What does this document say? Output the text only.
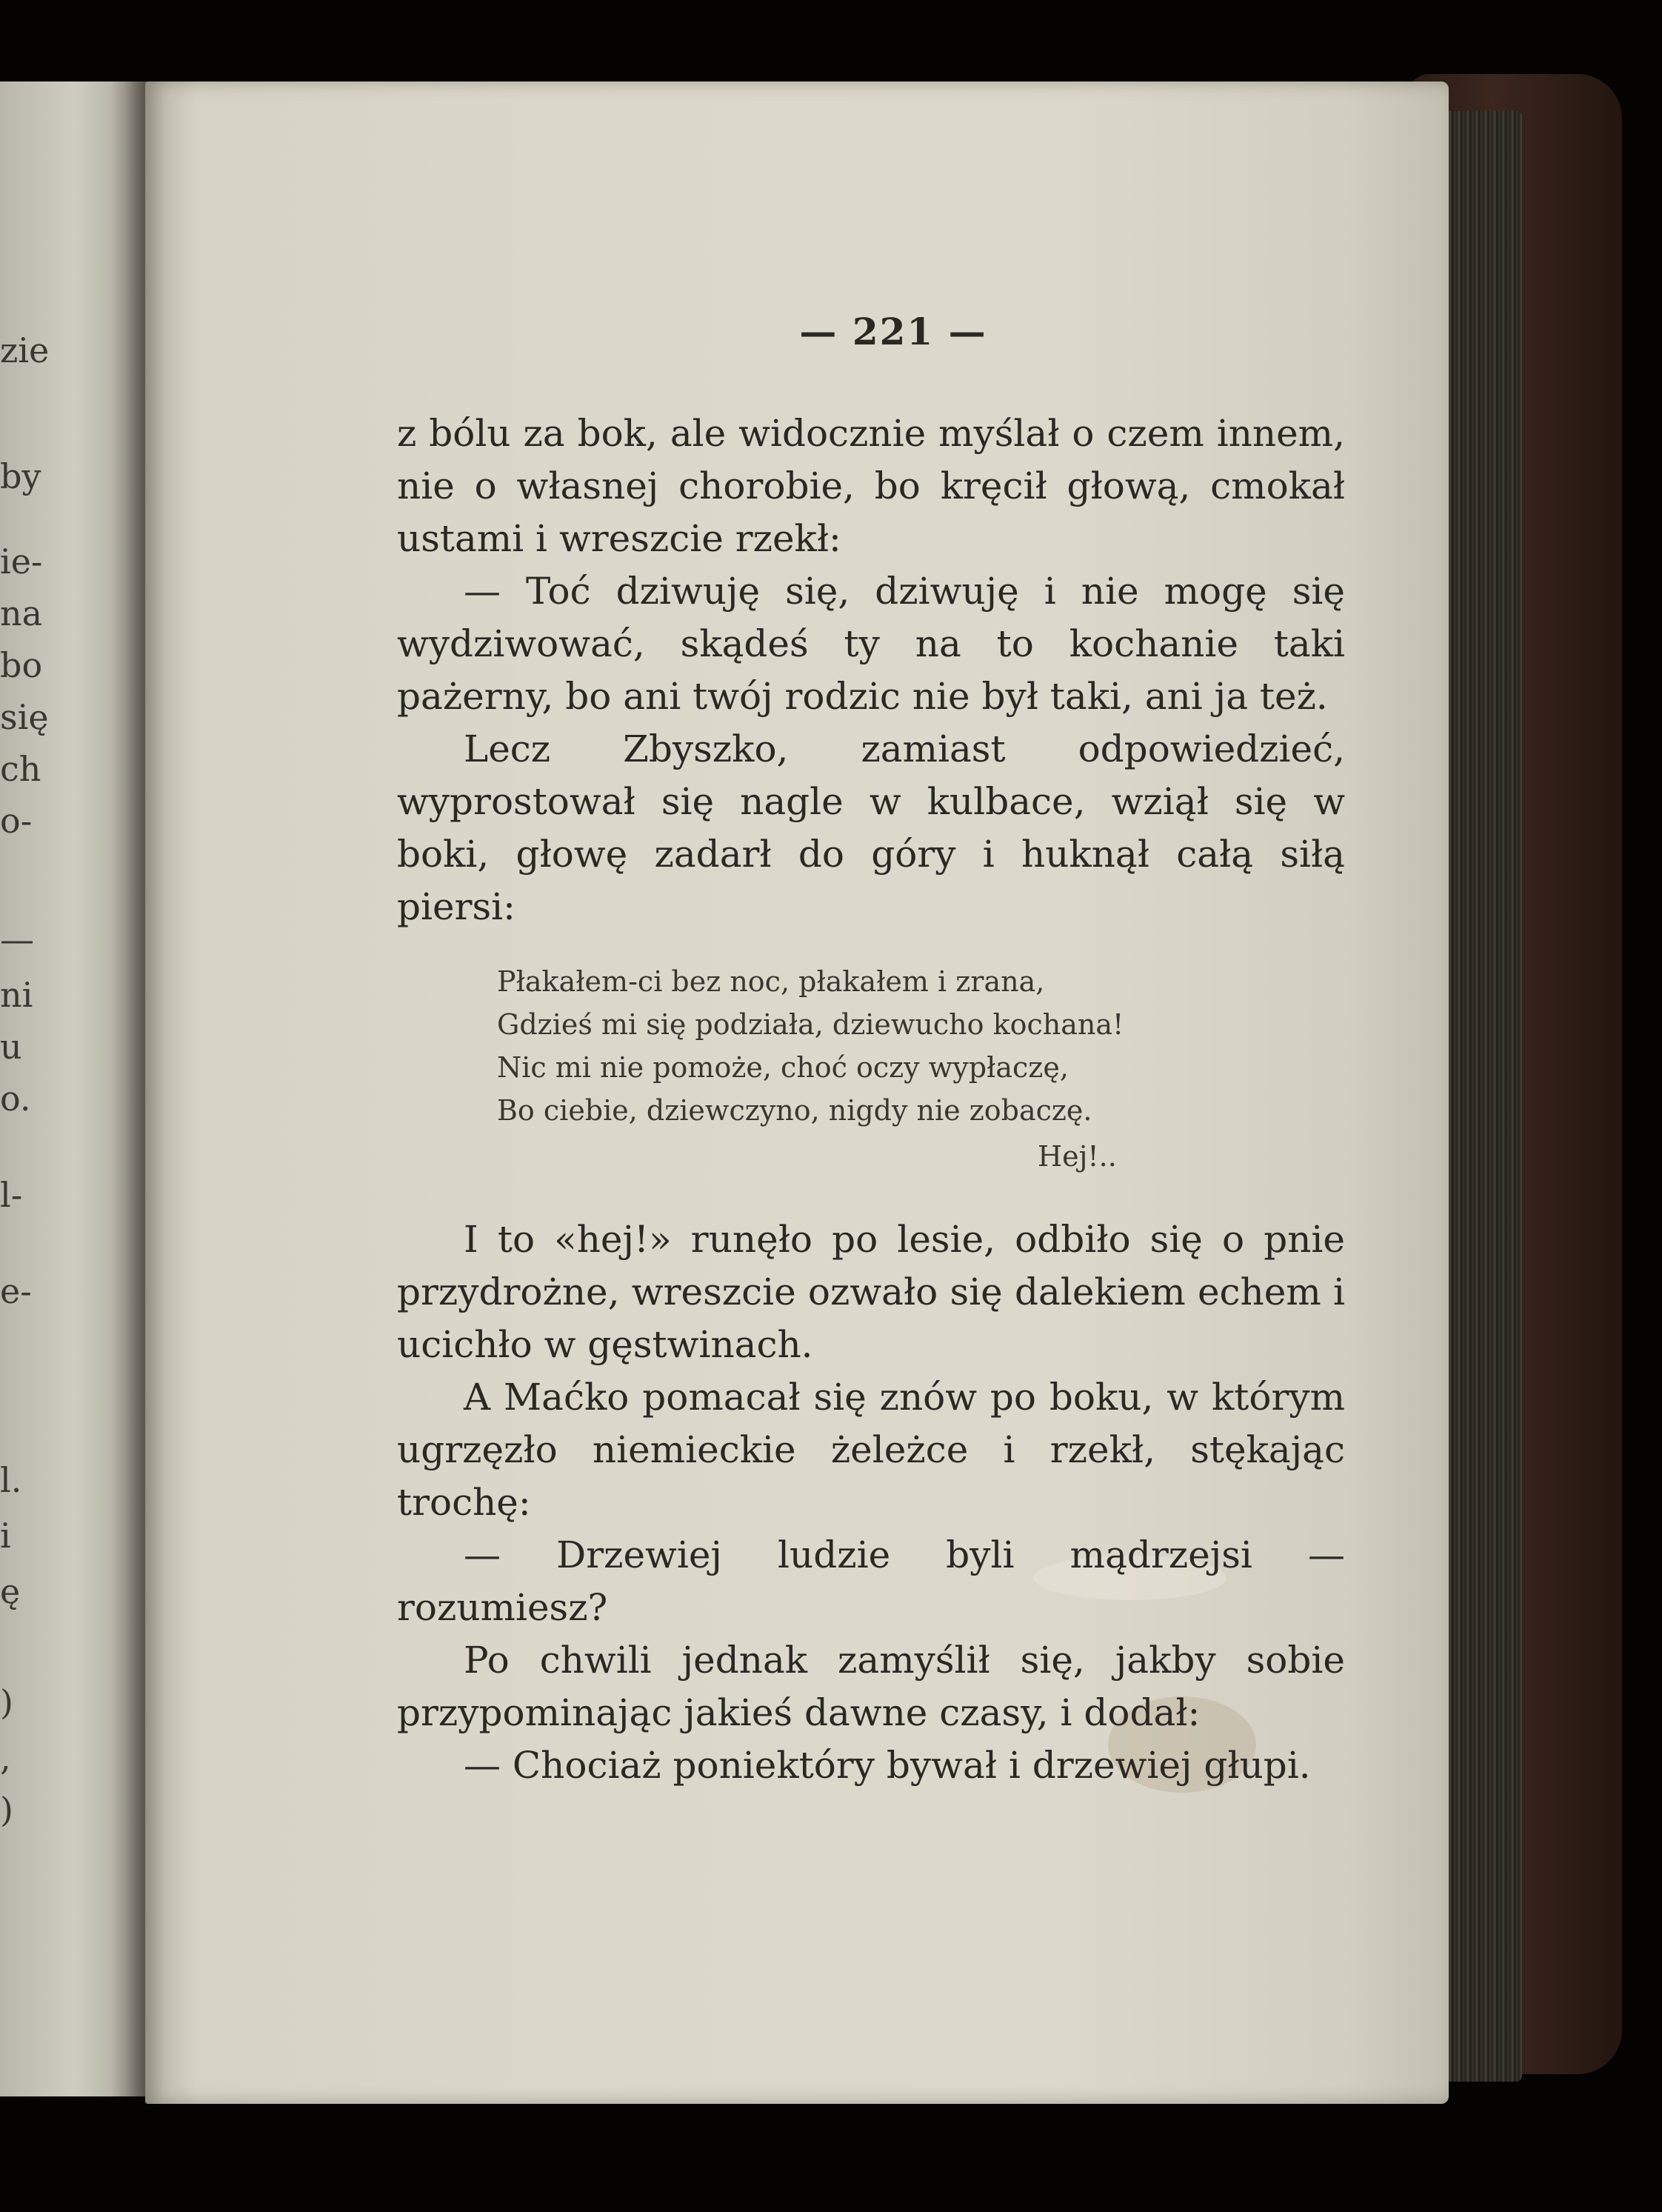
zie
by
ie-
na
bo
się
ch
o-
—
ni
u
o.
l-
e-
l.
i
ę
)
,
)
— 221 —

z bólu za bok, ale widocznie myślał o czem innem, nie o własnej chorobie, bo kręcił głową, cmokał ustami i wreszcie rzekł:

— Toć dziwuję się, dziwuję i nie mogę się wydziwować, skądeś ty na to kochanie taki pażerny, bo ani twój rodzic nie był taki, ani ja też.

Lecz Zbyszko, zamiast odpowiedzieć, wyprostował się nagle w kulbace, wziął się w boki, głowę zadarł do góry i huknął całą siłą piersi:

Płakałem-ci bez noc, płakałem i zrana,
Gdzieś mi się podziała, dziewucho kochana!
Nic mi nie pomoże, choć oczy wypłaczę,
Bo ciebie, dziewczyno, nigdy nie zobaczę.
Hej!..

I to «hej!» runęło po lesie, odbiło się o pnie przydrożne, wreszcie ozwało się dalekiem echem i ucichło w gęstwinach.

A Maćko pomacał się znów po boku, w którym ugrzęzło niemieckie żeleżce i rzekł, stękając trochę:

— Drzewiej ludzie byli mądrzejsi — rozumiesz?

Po chwili jednak zamyślił się, jakby sobie przypominając jakieś dawne czasy, i dodał:

— Chociaż poniektóry bywał i drzewiej głupi.
